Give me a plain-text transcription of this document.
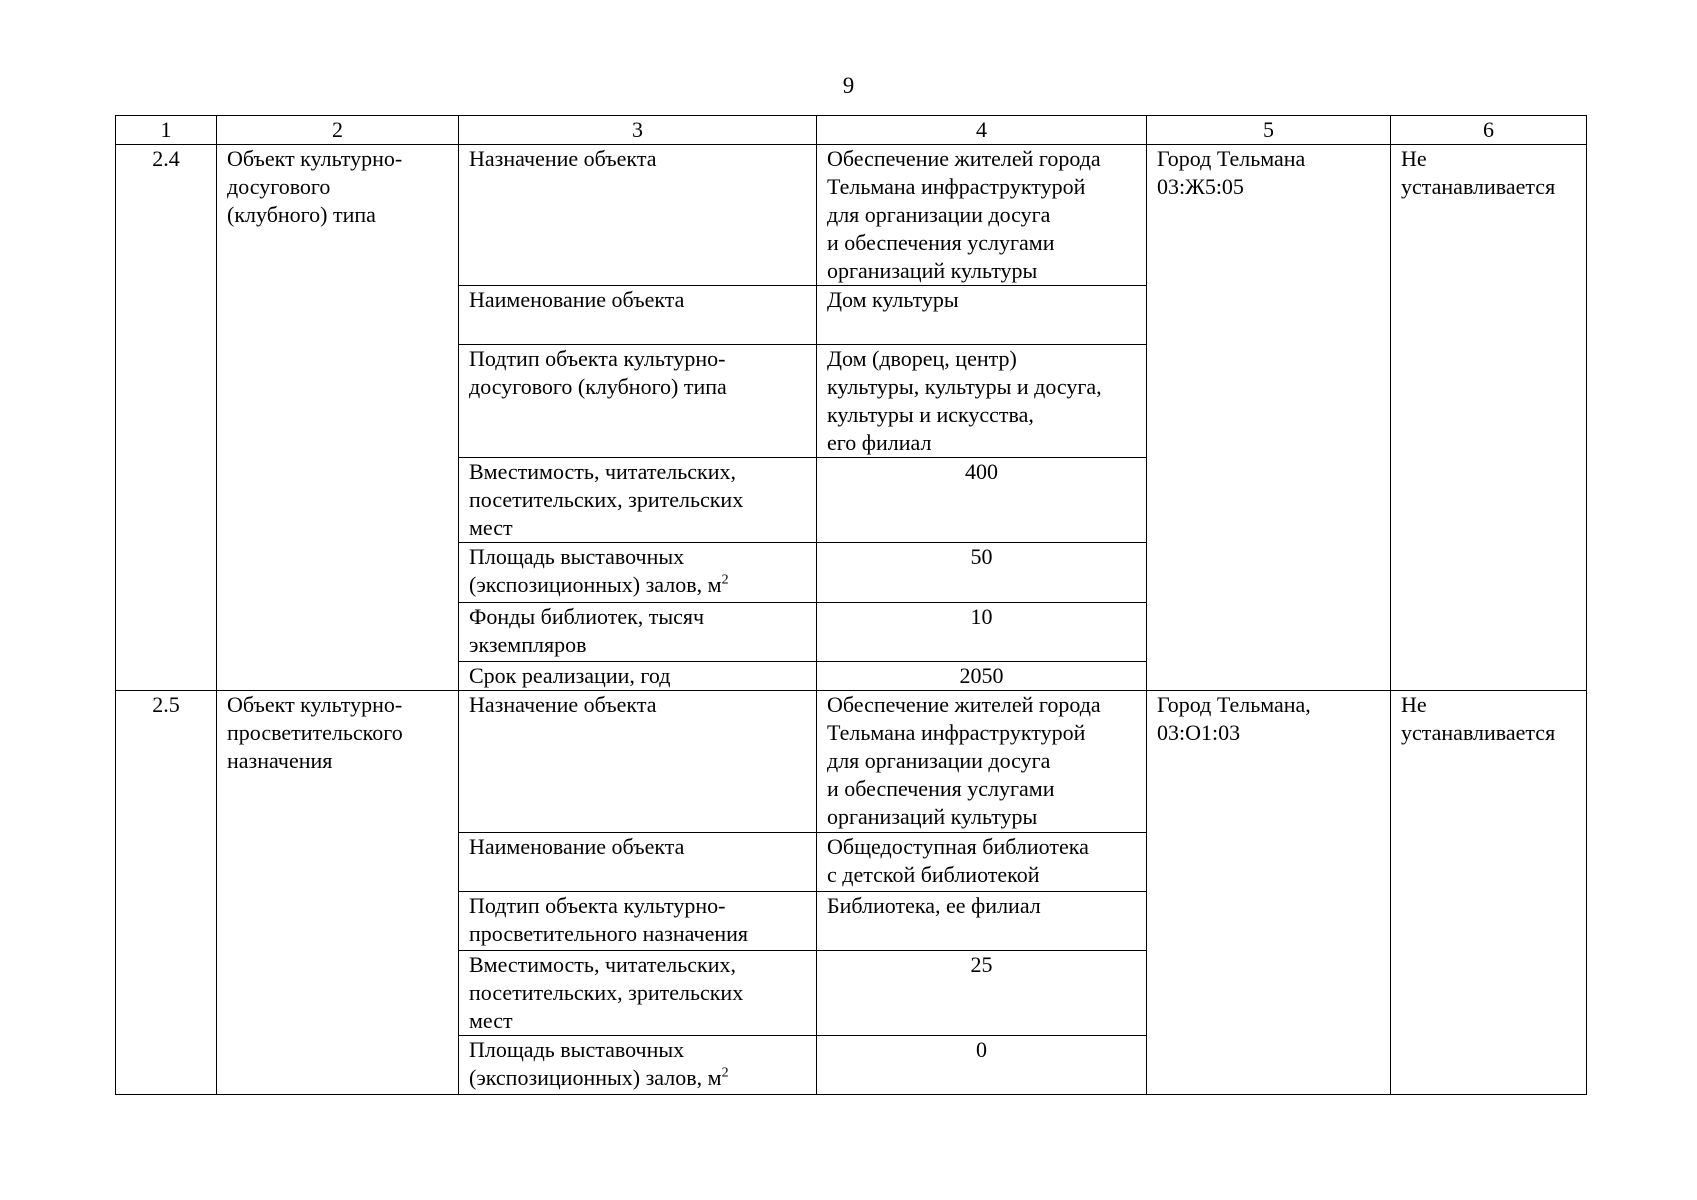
9
1	2	3	4	5	6
2.4	Объект культурно-
досугового
(клубного) типа	Назначение объекта	Обеспечение жителей города
Тельмана инфраструктурой
для организации досуга
и обеспечения услугами
организаций культуры	Город Тельмана
03:Ж5:05	Не
устанавливается
		Наименование объекта	Дом культуры		
		Подтип объекта культурно-
досугового (клубного) типа	Дом (дворец, центр)
культуры, культуры и досуга,
культуры и искусства,
его филиал		
		Вместимость, читательских,
посетительских, зрительских
мест	400		
		Площадь выставочных
(экспозиционных) залов, $м^2$	50		
		Фонды библиотек, тысяч
экземпляров	10		
		Срок реализации, год	2050		
2.5	Объект культурно-
просветительского
назначения	Назначение объекта	Обеспечение жителей города
Тельмана инфраструктурой
для организации досуга
и обеспечения услугами
организаций культуры	Город Тельмана,
03:О1:03	Не
устанавливается
		Наименование объекта	Общедоступная библиотека
с детской библиотекой		
		Подтип объекта культурно-
просветительного назначения	Библиотека, ее филиал		
		Вместимость, читательских,
посетительских, зрительских
мест	25		
		Площадь выставочных
(экспозиционных) залов, $м^2$	0		
